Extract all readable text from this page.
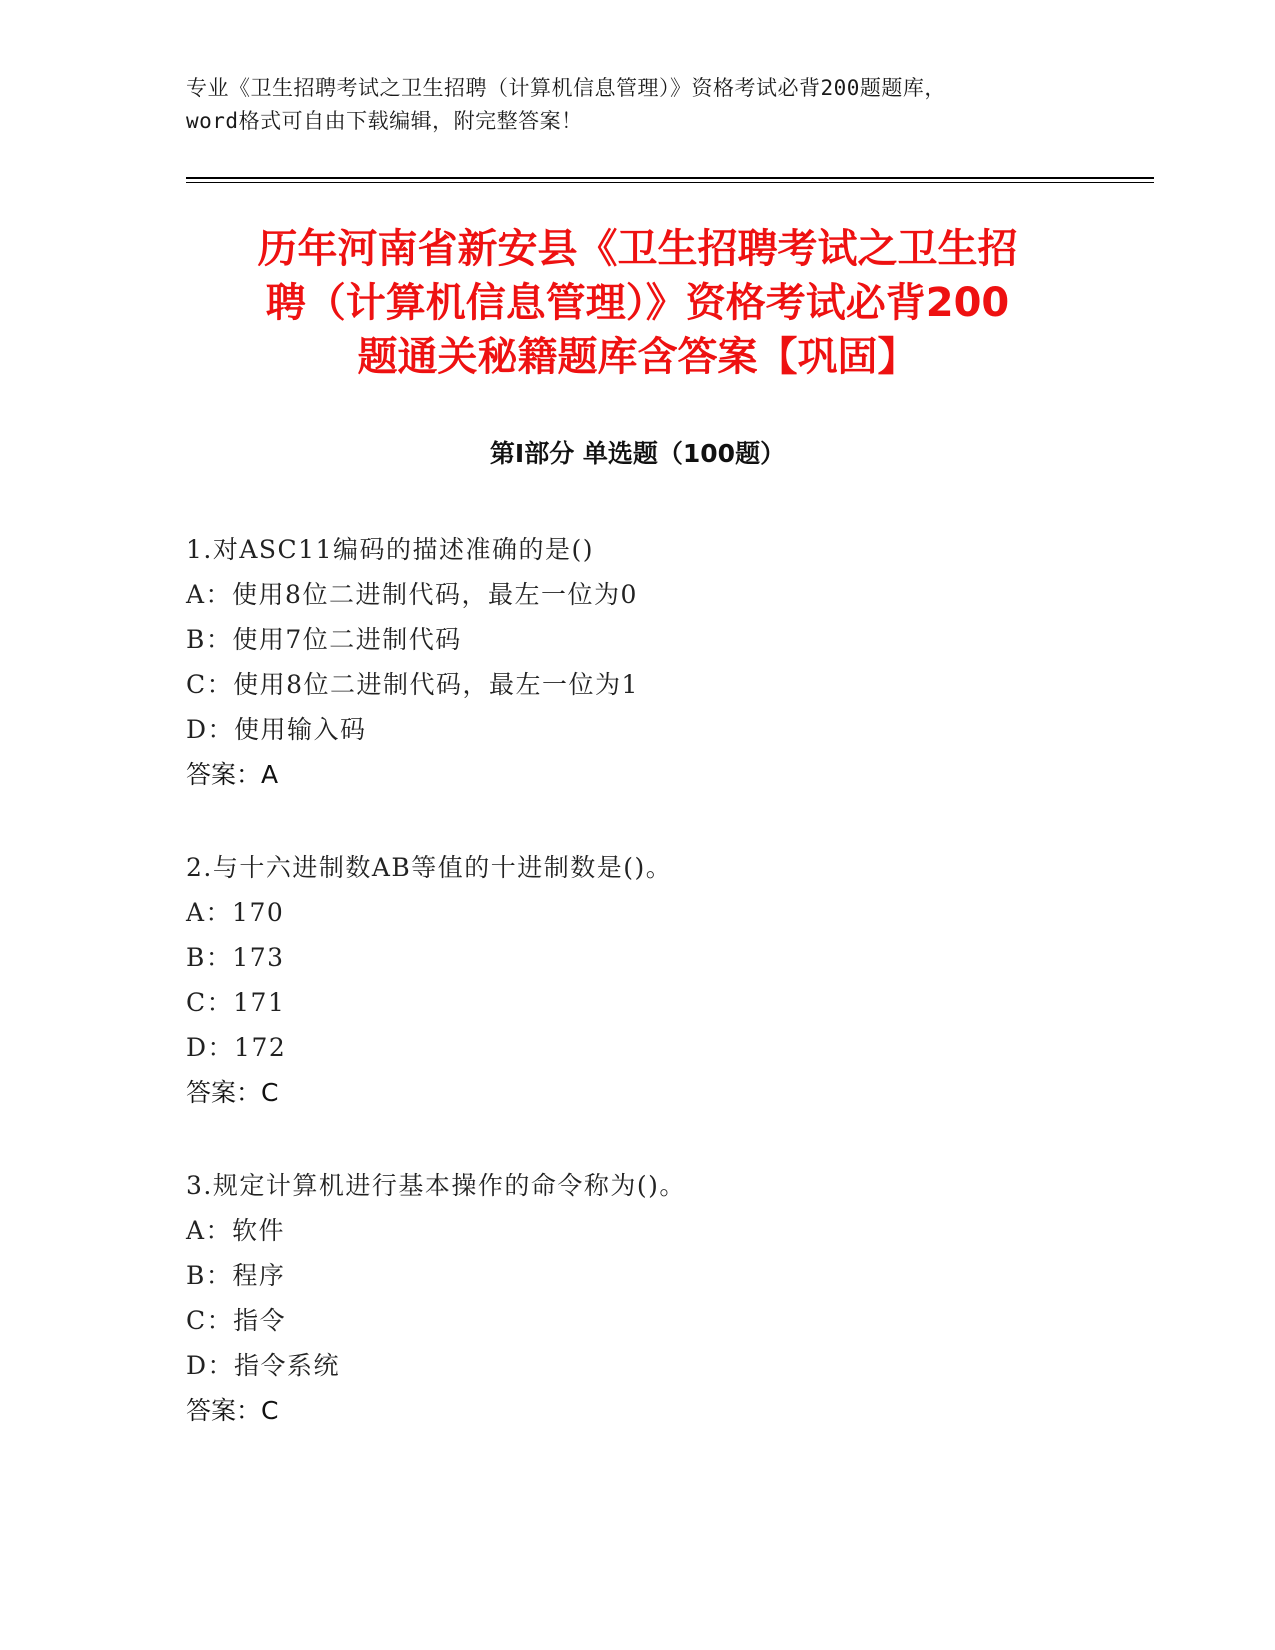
专业《卫生招聘考试之卫生招聘（计算机信息管理）》资格考试必背200题题库，
word格式可自由下载编辑，附完整答案！
历年河南省新安县《卫生招聘考试之卫生招
聘（计算机信息管理）》资格考试必背200
题通关秘籍题库含答案【巩固】
第Ⅰ部分 单选题（100题）
1.对ASC11编码的描述准确的是()
A：使用8位二进制代码，最左一位为0
B：使用7位二进制代码
C：使用8位二进制代码，最左一位为1
D：使用输入码
答案：A
2.与十六进制数AB等值的十进制数是()。
A：170
B：173
C：171
D：172
答案：C
3.规定计算机进行基本操作的命令称为()。
A：软件
B：程序
C：指令
D：指令系统
答案：C
